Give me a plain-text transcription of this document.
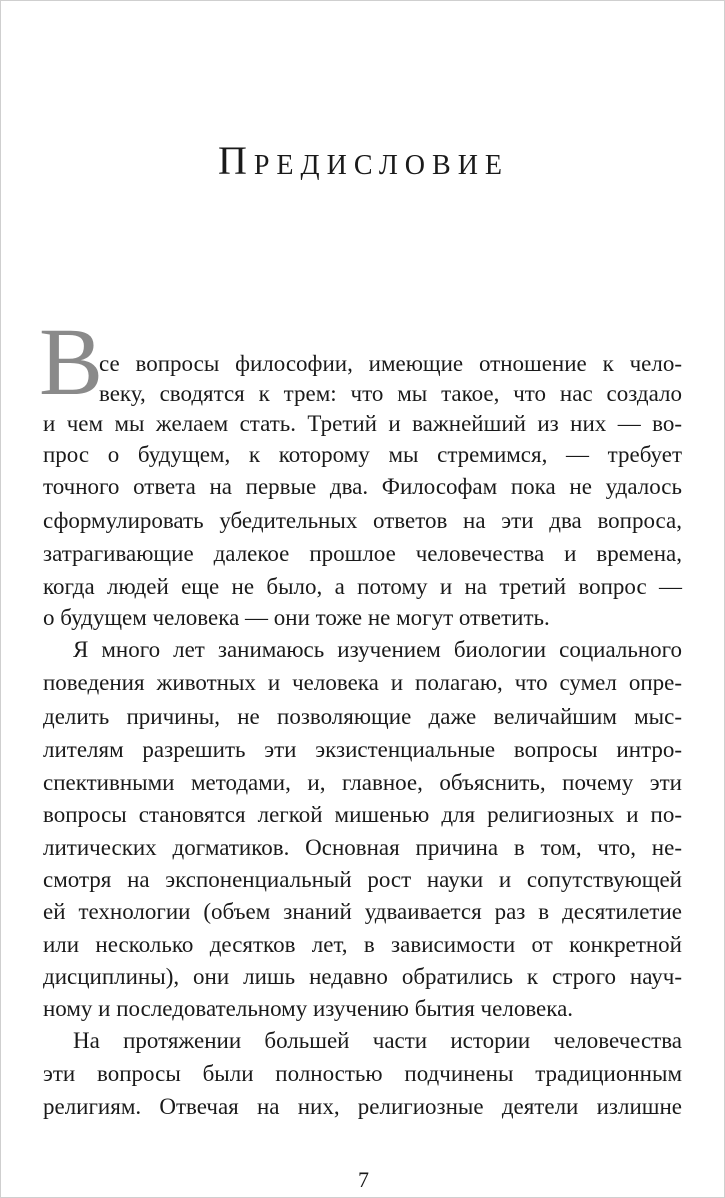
Предисловие
В
се вопросы философии, имеющие отношение к чело-
веку, сводятся к трем: что мы такое, что нас создало
и чем мы желаем стать. Третий и важнейший из них — во-
прос о будущем, к которому мы стремимся, — требует
точного ответа на первые два. Философам пока не удалось
сформулировать убедительных ответов на эти два вопроса,
затрагивающие далекое прошлое человечества и времена,
когда людей еще не было, а потому и на третий вопрос —
о будущем человека — они тоже не могут ответить.
Я много лет занимаюсь изучением биологии социального
поведения животных и человека и полагаю, что сумел опре-
делить причины, не позволяющие даже величайшим мыс-
лителям разрешить эти экзистенциальные вопросы интро-
спективными методами, и, главное, объяснить, почему эти
вопросы становятся легкой мишенью для религиозных и по-
литических догматиков. Основная причина в том, что, не-
смотря на экспоненциальный рост науки и сопутствующей
ей технологии (объем знаний удваивается раз в десятилетие
или несколько десятков лет, в зависимости от конкретной
дисциплины), они лишь недавно обратились к строго науч-
ному и последовательному изучению бытия человека.
На протяжении большей части истории человечества
эти вопросы были полностью подчинены традиционным
религиям. Отвечая на них, религиозные деятели излишне
7
